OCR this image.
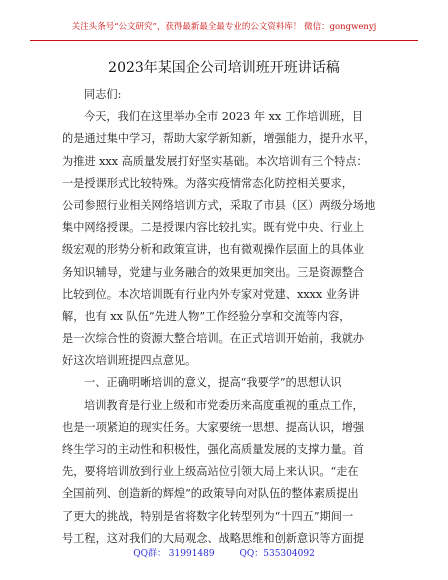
关注头条号“公文研究”，获得最新最全最专业的公文资料库！ 微信：gongwenyj
2023年某国企公司培训班开班讲话稿
同志们:
今天，我们在这里举办全市 2023 年 xx 工作培训班，目
的是通过集中学习，帮助大家学新知新，增强能力，提升水平，
为推进 xxx 高质量发展打好坚实基础。本次培训有三个特点：
一是授课形式比较特殊。为落实疫情常态化防控相关要求，
公司参照行业相关网络培训方式，采取了市县（区）两级分场地
集中网络授课。二是授课内容比较扎实。既有党中央、行业上
级宏观的形势分析和政策宣讲，也有微观操作层面上的具体业
务知识辅导，党建与业务融合的效果更加突出。三是资源整合
比较到位。本次培训既有行业内外专家对党建、xxxx 业务讲
解，也有 xx 队伍“先进人物”工作经验分享和交流等内容，
是一次综合性的资源大整合培训。在正式培训开始前，我就办
好这次培训班提四点意见。
一、正确明晰培训的意义，提高“我要学”的思想认识
培训教育是行业上级和市党委历来高度重视的重点工作，
也是一项紧迫的现实任务。大家要统一思想、提高认识，增强
终生学习的主动性和积极性，强化高质量发展的支撑力量。首
先，要将培训放到行业上级高站位引领大局上来认识。“走在
全国前列、创造新的辉煌”的政策导向对队伍的整体素质提出
了更大的挑战，特别是省将数字化转型列为“十四五”期间一
号工程，这对我们的大局观念、战略思维和创新意识等方面提
QQ群： 31991489	QQ：535304092
